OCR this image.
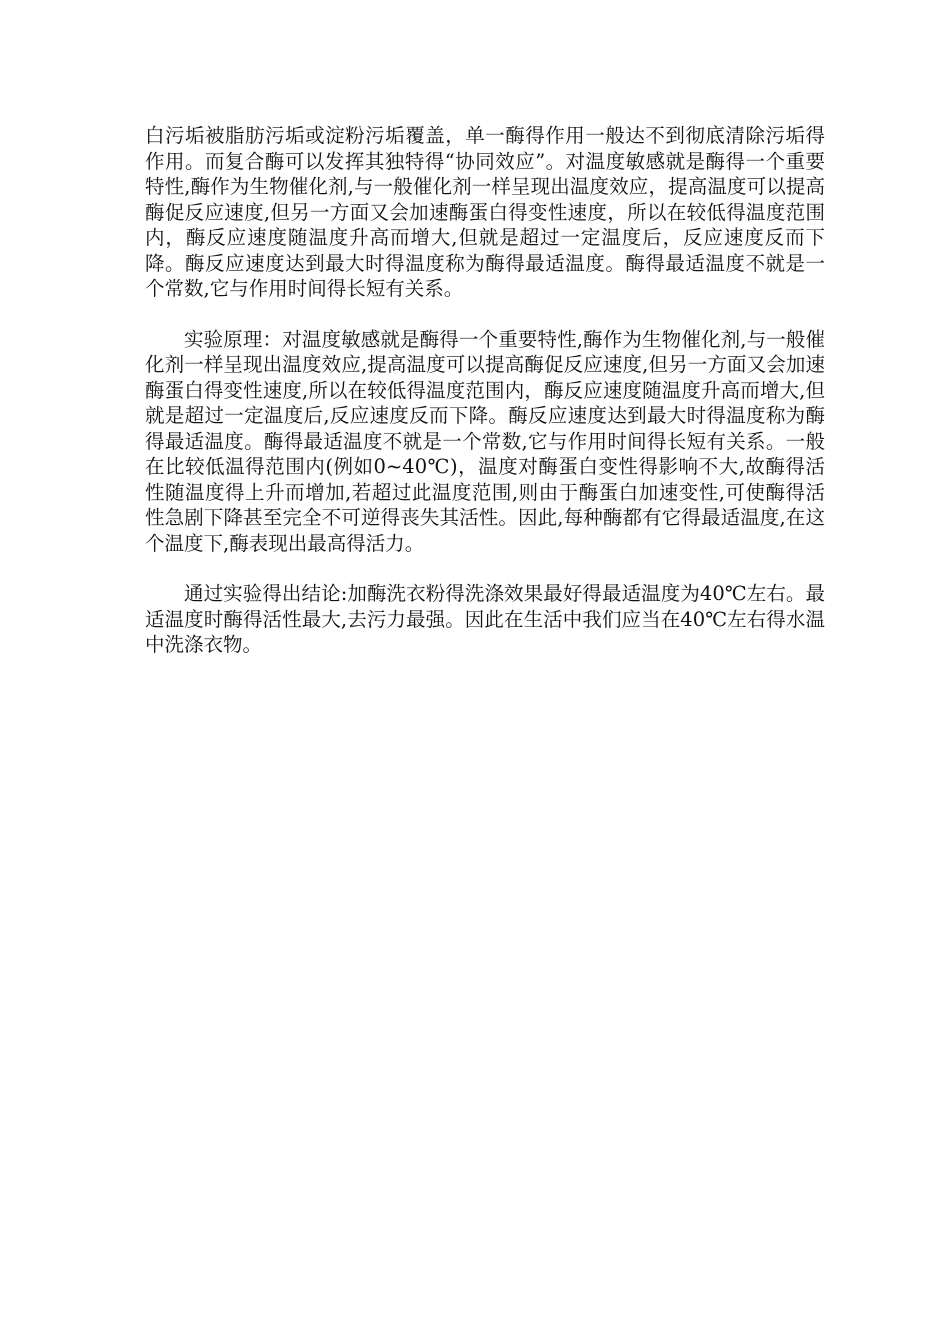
白污垢被脂肪污垢或淀粉污垢覆盖，单一酶得作用一般达不到彻底清除污垢得作用。而复合酶可以发挥其独特得“协同效应”。对温度敏感就是酶得一个重要特性,酶作为生物催化剂,与一般催化剂一样呈现出温度效应，提高温度可以提高酶促反应速度,但另一方面又会加速酶蛋白得变性速度，所以在较低得温度范围内，酶反应速度随温度升高而增大,但就是超过一定温度后，反应速度反而下降。酶反应速度达到最大时得温度称为酶得最适温度。酶得最适温度不就是一个常数,它与作用时间得长短有关系。

实验原理：对温度敏感就是酶得一个重要特性,酶作为生物催化剂,与一般催化剂一样呈现出温度效应,提高温度可以提高酶促反应速度,但另一方面又会加速酶蛋白得变性速度,所以在较低得温度范围内，酶反应速度随温度升高而增大,但就是超过一定温度后,反应速度反而下降。酶反应速度达到最大时得温度称为酶得最适温度。酶得最适温度不就是一个常数,它与作用时间得长短有关系。一般在比较低温得范围内(例如0~40℃)，温度对酶蛋白变性得影响不大,故酶得活性随温度得上升而增加,若超过此温度范围,则由于酶蛋白加速变性,可使酶得活性急剧下降甚至完全不可逆得丧失其活性。因此,每种酶都有它得最适温度,在这个温度下,酶表现出最高得活力。

通过实验得出结论:加酶洗衣粉得洗涤效果最好得最适温度为40℃左右。最适温度时酶得活性最大,去污力最强。因此在生活中我们应当在40℃左右得水温中洗涤衣物。
